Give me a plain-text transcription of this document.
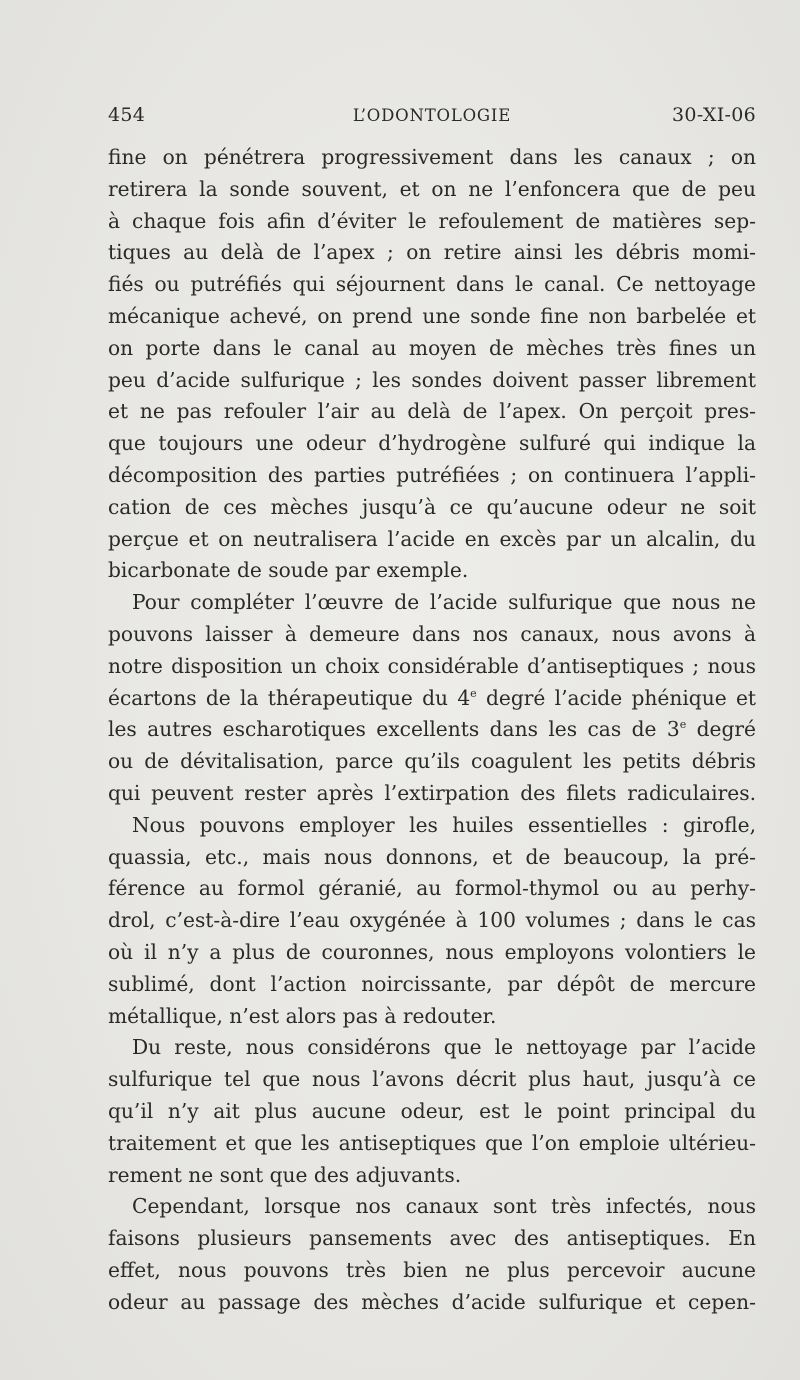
454	L’ODONTOLOGIE	30-XI-06
fine on pénétrera progressivement dans les canaux ; on
retirera la sonde souvent, et on ne l’enfoncera que de peu
à chaque fois afin d’éviter le refoulement de matières sep-
tiques au delà de l’apex ; on retire ainsi les débris momi-
fiés ou putréfiés qui séjournent dans le canal. Ce nettoyage
mécanique achevé, on prend une sonde fine non barbelée et
on porte dans le canal au moyen de mèches très fines un
peu d’acide sulfurique ; les sondes doivent passer librement
et ne pas refouler l’air au delà de l’apex. On perçoit pres-
que toujours une odeur d’hydrogène sulfuré qui indique la
décomposition des parties putréfiées ; on continuera l’appli-
cation de ces mèches jusqu’à ce qu’aucune odeur ne soit
perçue et on neutralisera l’acide en excès par un alcalin, du
bicarbonate de soude par exemple.
Pour compléter l’œuvre de l’acide sulfurique que nous ne
pouvons laisser à demeure dans nos canaux, nous avons à
notre disposition un choix considérable d’antiseptiques ; nous
écartons de la thérapeutique du 4e degré l’acide phénique et
les autres escharotiques excellents dans les cas de 3e degré
ou de dévitalisation, parce qu’ils coagulent les petits débris
qui peuvent rester après l’extirpation des filets radiculaires.
Nous pouvons employer les huiles essentielles : girofle,
quassia, etc., mais nous donnons, et de beaucoup, la pré-
férence au formol géranié, au formol-thymol ou au perhy-
drol, c’est-à-dire l’eau oxygénée à 100 volumes ; dans le cas
où il n’y a plus de couronnes, nous employons volontiers le
sublimé, dont l’action noircissante, par dépôt de mercure
métallique, n’est alors pas à redouter.
Du reste, nous considérons que le nettoyage par l’acide
sulfurique tel que nous l’avons décrit plus haut, jusqu’à ce
qu’il n’y ait plus aucune odeur, est le point principal du
traitement et que les antiseptiques que l’on emploie ultérieu-
rement ne sont que des adjuvants.
Cependant, lorsque nos canaux sont très infectés, nous
faisons plusieurs pansements avec des antiseptiques. En
effet, nous pouvons très bien ne plus percevoir aucune
odeur au passage des mèches d’acide sulfurique et cepen-
